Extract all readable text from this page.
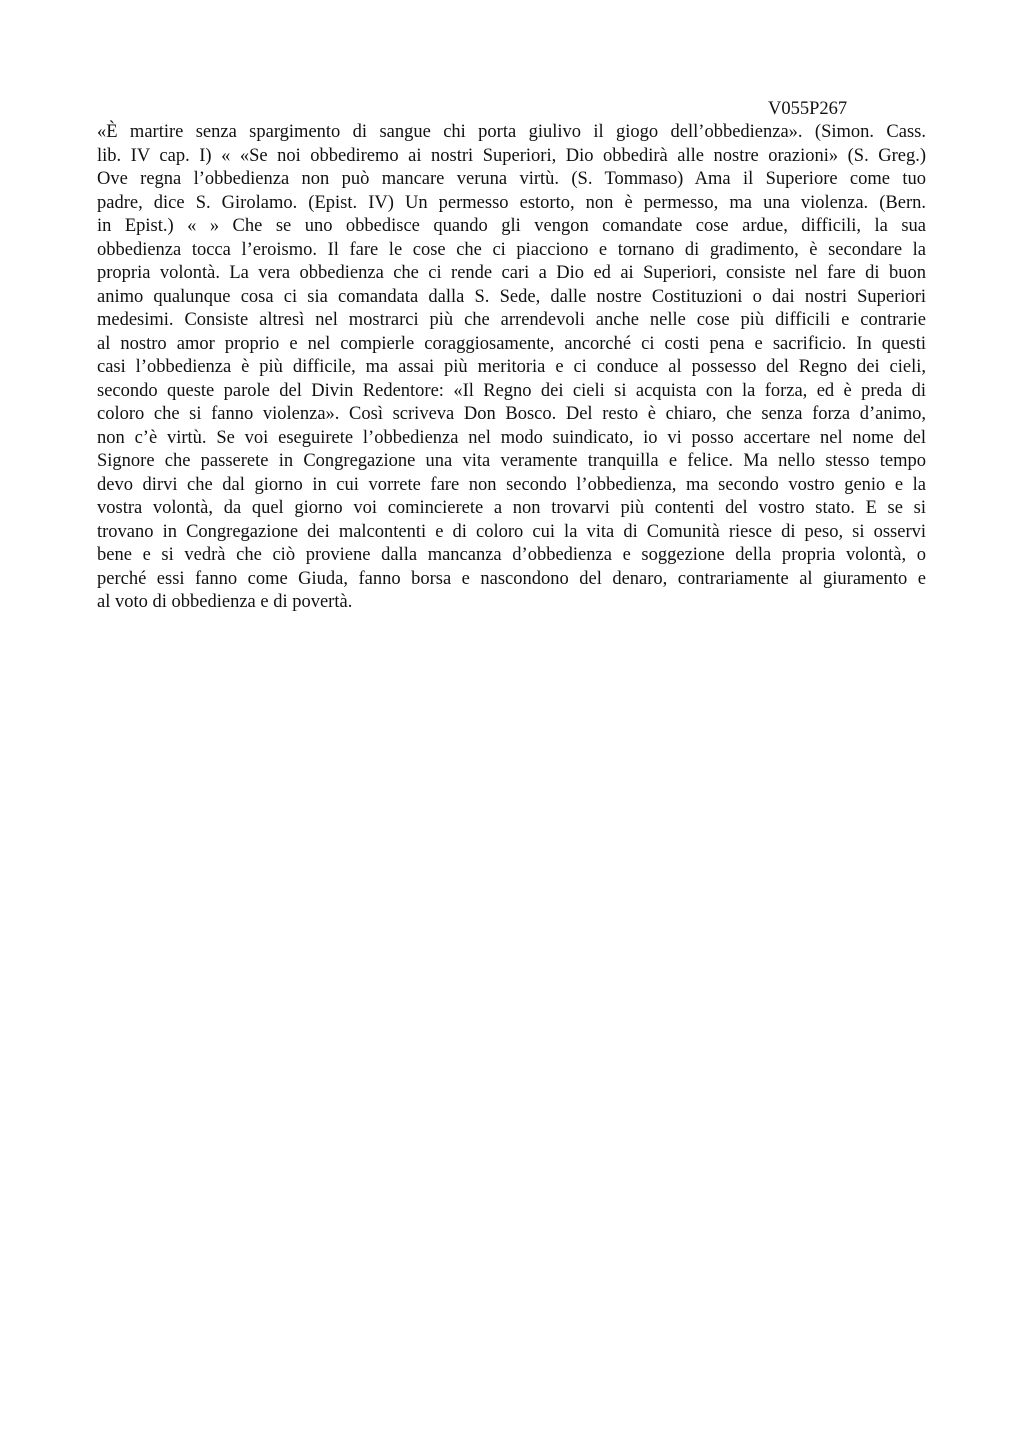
V055P267
«È martire senza spargimento di sangue chi porta giulivo il giogo dell’obbedienza». (Simon. Cass.
lib. IV cap. I) « «Se noi obbediremo ai nostri Superiori, Dio obbedirà alle nostre orazioni» (S. Greg.)
Ove regna l’obbedienza non può mancare veruna virtù. (S. Tommaso) Ama il Superiore come tuo
padre, dice S. Girolamo. (Epist. IV) Un permesso estorto, non è permesso, ma una violenza. (Bern.
in Epist.) « » Che se uno obbedisce quando gli vengon comandate cose ardue, difficili, la sua
obbedienza tocca l’eroismo. Il fare le cose che ci piacciono e tornano di gradimento, è secondare la
propria volontà. La vera obbedienza che ci rende cari a Dio ed ai Superiori, consiste nel fare di buon
animo qualunque cosa ci sia comandata dalla S. Sede, dalle nostre Costituzioni o dai nostri Superiori
medesimi. Consiste altresì nel mostrarci più che arrendevoli anche nelle cose più difficili e contrarie
al nostro amor proprio e nel compierle coraggiosamente, ancorché ci costi pena e sacrificio. In questi
casi l’obbedienza è più difficile, ma assai più meritoria e ci conduce al possesso del Regno dei cieli,
secondo queste parole del Divin Redentore: «Il Regno dei cieli si acquista con la forza, ed è preda di
coloro che si fanno violenza». Così scriveva Don Bosco. Del resto è chiaro, che senza forza d’animo,
non c’è virtù. Se voi eseguirete l’obbedienza nel modo suindicato, io vi posso accertare nel nome del
Signore che passerete in Congregazione una vita veramente tranquilla e felice. Ma nello stesso tempo
devo dirvi che dal giorno in cui vorrete fare non secondo l’obbedienza, ma secondo vostro genio e la
vostra volontà, da quel giorno voi comincierete a non trovarvi più contenti del vostro stato. E se si
trovano in Congregazione dei malcontenti e di coloro cui la vita di Comunità riesce di peso, si osservi
bene e si vedrà che ciò proviene dalla mancanza d’obbedienza e soggezione della propria volontà, o
perché essi fanno come Giuda, fanno borsa e nascondono del denaro, contrariamente al giuramento e
al voto di obbedienza e di povertà.
